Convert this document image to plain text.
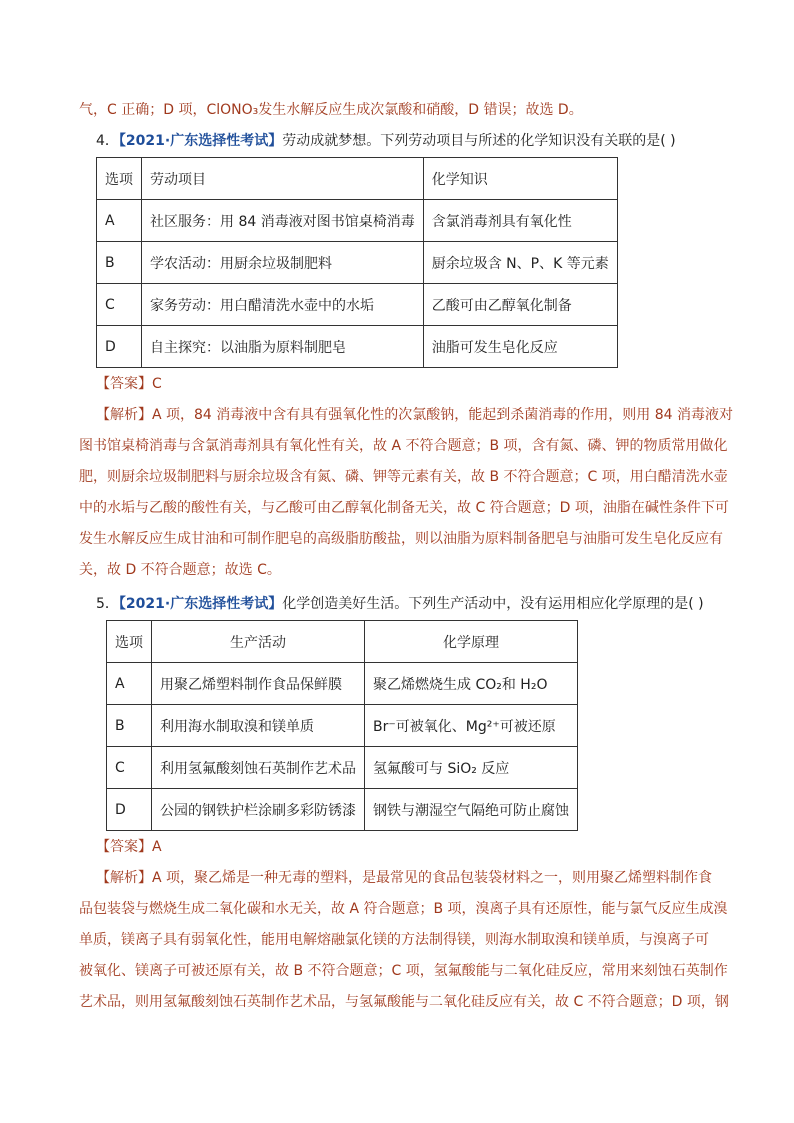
气，C 正确；D 项，ClONO₃发生水解反应生成次氯酸和硝酸，D 错误；故选 D。
4．【2021·广东选择性考试】劳动成就梦想。下列劳动项目与所述的化学知识没有关联的是( )
选项	劳动项目	化学知识
A	社区服务：用 84 消毒液对图书馆桌椅消毒	含氯消毒剂具有氧化性
B	学农活动：用厨余垃圾制肥料	厨余垃圾含 N、P、K 等元素
C	家务劳动：用白醋清洗水壶中的水垢	乙酸可由乙醇氧化制备
D	自主探究：以油脂为原料制肥皂	油脂可发生皂化反应
【答案】C
【解析】A 项，84 消毒液中含有具有强氧化性的次氯酸钠，能起到杀菌消毒的作用，则用 84 消毒液对
图书馆桌椅消毒与含氯消毒剂具有氧化性有关，故 A 不符合题意；B 项，含有氮、磷、钾的物质常用做化
肥，则厨余垃圾制肥料与厨余垃圾含有氮、磷、钾等元素有关，故 B 不符合题意；C 项，用白醋清洗水壶
中的水垢与乙酸的酸性有关，与乙酸可由乙醇氧化制备无关，故 C 符合题意；D 项，油脂在碱性条件下可
发生水解反应生成甘油和可制作肥皂的高级脂肪酸盐，则以油脂为原料制备肥皂与油脂可发生皂化反应有
关，故 D 不符合题意；故选 C。
5．【2021·广东选择性考试】化学创造美好生活。下列生产活动中，没有运用相应化学原理的是( )
选项	生产活动	化学原理
A	用聚乙烯塑料制作食品保鲜膜	聚乙烯燃烧生成 CO₂和 H₂O
B	利用海水制取溴和镁单质	Br⁻可被氧化、Mg²⁺可被还原
C	利用氢氟酸刻蚀石英制作艺术品	氢氟酸可与 SiO₂ 反应
D	公园的钢铁护栏涂刷多彩防锈漆	钢铁与潮湿空气隔绝可防止腐蚀
【答案】A
【解析】A 项，聚乙烯是一种无毒的塑料，是最常见的食品包装袋材料之一，则用聚乙烯塑料制作食
品包装袋与燃烧生成二氧化碳和水无关，故 A 符合题意；B 项，溴离子具有还原性，能与氯气反应生成溴
单质，镁离子具有弱氧化性，能用电解熔融氯化镁的方法制得镁，则海水制取溴和镁单质，与溴离子可
被氧化、镁离子可被还原有关，故 B 不符合题意；C 项，氢氟酸能与二氧化硅反应，常用来刻蚀石英制作
艺术品，则用氢氟酸刻蚀石英制作艺术品，与氢氟酸能与二氧化硅反应有关，故 C 不符合题意；D 项，钢
